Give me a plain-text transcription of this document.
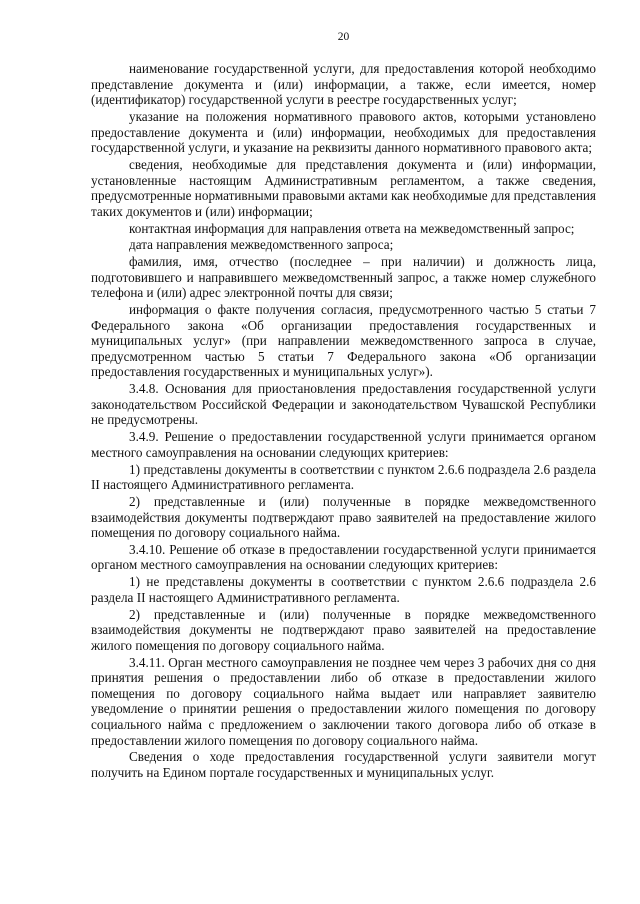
20

наименование государственной услуги, для предоставления которой необходимо представление документа и (или) информации, а также, если имеется, номер (идентификатор) государственной услуги в реестре государственных услуг;

указание на положения нормативного правового актов, которыми установлено предоставление документа и (или) информации, необходимых для предоставления государственной услуги, и указание на реквизиты данного нормативного правового акта;

сведения, необходимые для представления документа и (или) информации, установленные настоящим Административным регламентом, а также сведения, предусмотренные нормативными правовыми актами как необходимые для представления таких документов и (или) информации;

контактная информация для направления ответа на межведомственный запрос;

дата направления межведомственного запроса;

фамилия, имя, отчество (последнее – при наличии) и должность лица, подготовившего и направившего межведомственный запрос, а также номер служебного телефона и (или) адрес электронной почты для связи;

информация о факте получения согласия, предусмотренного частью 5 статьи 7 Федерального закона «Об организации предоставления государственных и муниципальных услуг» (при направлении межведомственного запроса в случае, предусмотренном частью 5 статьи 7 Федерального закона «Об организации предоставления государственных и муниципальных услуг»).

3.4.8. Основания для приостановления предоставления государственной услуги законодательством Российской Федерации и законодательством Чувашской Республики не предусмотрены.

3.4.9. Решение о предоставлении государственной услуги принимается органом местного самоуправления на основании следующих критериев:

1) представлены документы в соответствии с пунктом 2.6.6 подраздела 2.6 раздела II настоящего Административного регламента.

2) представленные и (или) полученные в порядке межведомственного взаимодействия документы подтверждают право заявителей на предоставление жилого помещения по договору социального найма.

3.4.10. Решение об отказе в предоставлении государственной услуги принимается органом местного самоуправления на основании следующих критериев:

1) не представлены документы в соответствии с пунктом 2.6.6 подраздела 2.6 раздела II настоящего Административного регламента.

2) представленные и (или) полученные в порядке межведомственного взаимодействия документы не подтверждают право заявителей на предоставление жилого помещения по договору социального найма.

3.4.11. Орган местного самоуправления не позднее чем через 3 рабочих дня со дня принятия решения о предоставлении либо об отказе в предоставлении жилого помещения по договору социального найма выдает или направляет заявителю уведомление о принятии решения о предоставлении жилого помещения по договору социального найма с предложением о заключении такого договора либо об отказе в предоставлении жилого помещения по договору социального найма.

Сведения о ходе предоставления государственной услуги заявители могут получить на Едином портале государственных и муниципальных услуг.
